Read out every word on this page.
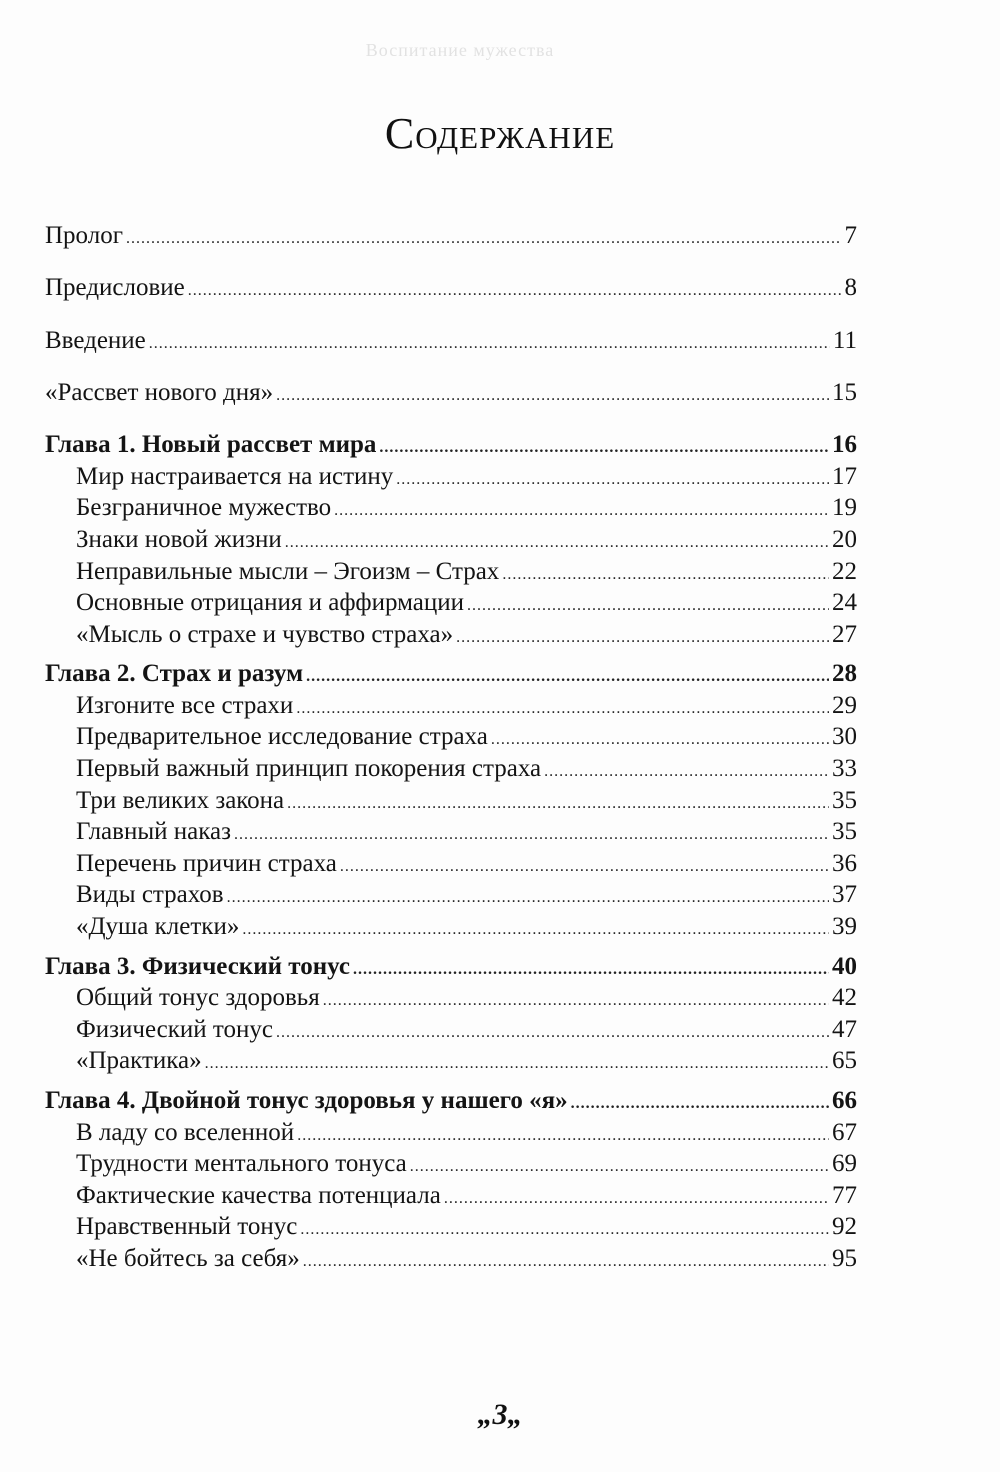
Воспитание мужества
Содержание
Пролог .....	7
Предисловие .....	8
Введение .....	11
«Рассвет нового дня» .....	15
Глава 1. Новый рассвет мира .....	16
Мир настраивается на истину .....	17
Безграничное мужество .....	19
Знаки новой жизни .....	20
Неправильные мысли – Эгоизм – Страх .....	22
Основные отрицания и аффирмации .....	24
«Мысль о страхе и чувство страха» .....	27
Глава 2. Страх и разум .....	28
Изгоните все страхи .....	29
Предварительное исследование страха .....	30
Первый важный принцип покорения страха .....	33
Три великих закона .....	35
Главный наказ .....	35
Перечень причин страха .....	36
Виды страхов .....	37
«Душа клетки» .....	39
Глава 3. Физический тонус .....	40
Общий тонус здоровья .....	42
Физический тонус .....	47
«Практика» .....	65
Глава 4. Двойной тонус здоровья у нашего «я» .....	66
В ладу со вселенной .....	67
Трудности ментального тонуса .....	69
Фактические качества потенциала .....	77
Нравственный тонус .....	92
«Не бойтесь за себя» .....	95
„3„
